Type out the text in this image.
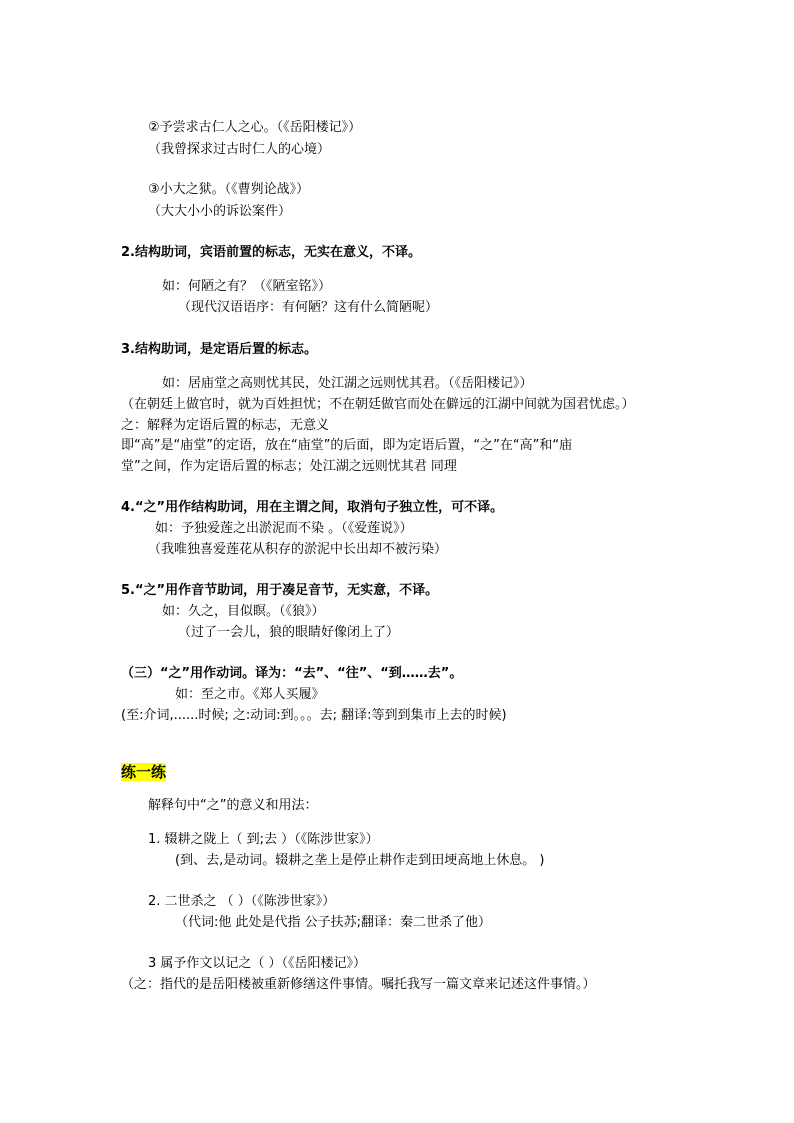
②予尝求古仁人之心。（《岳阳楼记》）
（我曾探求过古时仁人的心境）
③小大之狱。（《曹刿论战》）
（大大小小的诉讼案件）
2.结构助词，宾语前置的标志，无实在意义，不译。
如：何陋之有？（《陋室铭》）
（现代汉语语序：有何陋？这有什么简陋呢）
3.结构助词，是定语后置的标志。
如：居庙堂之高则忧其民，处江湖之远则忧其君。（《岳阳楼记》）
（在朝廷上做官时，就为百姓担忧；不在朝廷做官而处在僻远的江湖中间就为国君忧虑。）
之：解释为定语后置的标志，无意义
即“高”是“庙堂”的定语，放在“庙堂”的后面，即为定语后置，“之”在“高”和“庙
堂”之间，作为定语后置的标志；处江湖之远则忧其君 同理
4.“之”用作结构助词，用在主谓之间，取消句子独立性，可不译。
如：予独爱莲之出淤泥而不染 。（《爱莲说》）
（我唯独喜爱莲花从积存的淤泥中长出却不被污染）
5.“之”用作音节助词，用于凑足音节，无实意，不译。
如：久之，目似瞑。（《狼》）
（过了一会儿，狼的眼睛好像闭上了）
（三）“之”用作动词。译为：“去”、“往”、“到……去”。
如：至之市。《郑人买履》
(至:介词,......时候; 之:动词:到。。。去; 翻译:等到到集市上去的时候)
练一练
解释句中“之”的意义和用法：
1. 辍耕之陇上（ 到;去 ）（《陈涉世家》）
(到、去,是动词。辍耕之垄上是停止耕作走到田埂高地上休息。 )
2. 二世杀之 （ ）（《陈涉世家》）
（代词:他 此处是代指 公子扶苏;翻译：秦二世杀了他）
3 属予作文以记之（ ）（《岳阳楼记》）
（之：指代的是岳阳楼被重新修缮这件事情。嘱托我写一篇文章来记述这件事情。）
